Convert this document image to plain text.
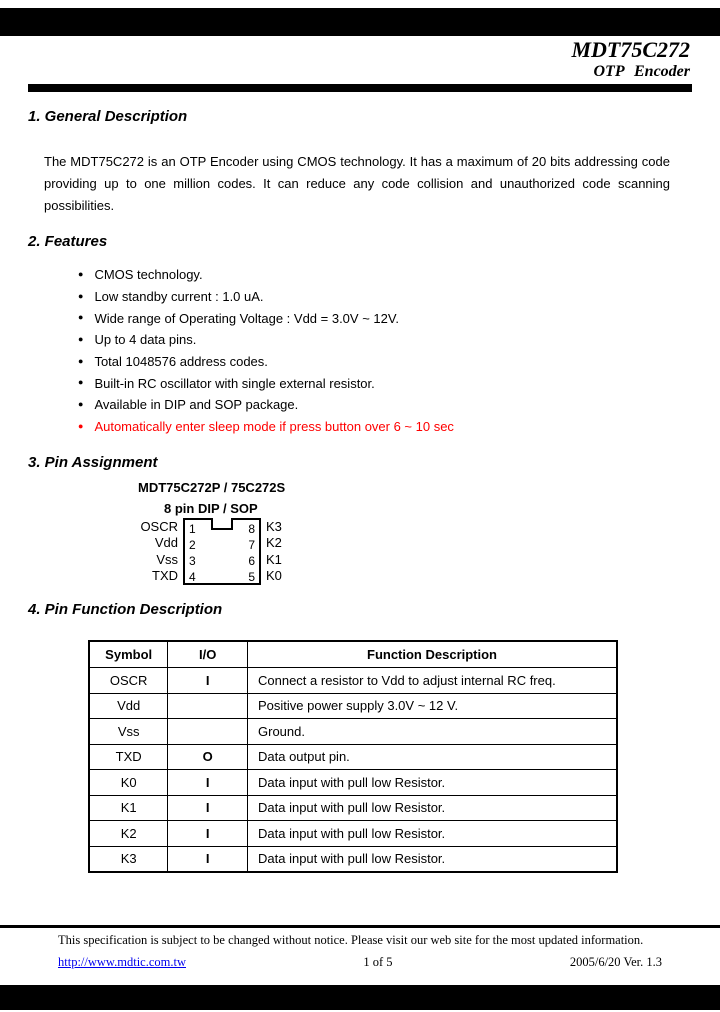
MDT75C272
OTP Encoder
1. General Description

The MDT75C272 is an OTP Encoder using CMOS technology. It has a maximum of 20 bits addressing code providing up to one million codes. It can reduce any code collision and unauthorized code scanning possibilities.

2. Features
● CMOS technology.
● Low standby current : 1.0 uA.
● Wide range of Operating Voltage : Vdd = 3.0V ~ 12V.
● Up to 4 data pins.
● Total 1048576 address codes.
● Built-in RC oscillator with single external resistor.
● Available in DIP and SOP package.
● Automatically enter sleep mode if press button over 6 ~ 10 sec
3. Pin Assignment
MDT75C272P / 75C272S
8 pin DIP / SOP
OSCR
Vdd
Vss
TXD
1
2
3
4
8
7
6
5
K3
K2
K1
K0
4. Pin Function Description
Symbol	I/O	Function Description
OSCR	I	Connect a resistor to Vdd to adjust internal RC freq.
Vdd		Positive power supply 3.0V ~ 12 V.
Vss		Ground.
TXD	O	Data output pin.
K0	I	Data input with pull low Resistor.
K1	I	Data input with pull low Resistor.
K2	I	Data input with pull low Resistor.
K3	I	Data input with pull low Resistor.
This specification is subject to be changed without notice. Please visit our web site for the most updated information.
http://www.mdtic.com.tw	1 of 5	2005/6/20 Ver. 1.3
